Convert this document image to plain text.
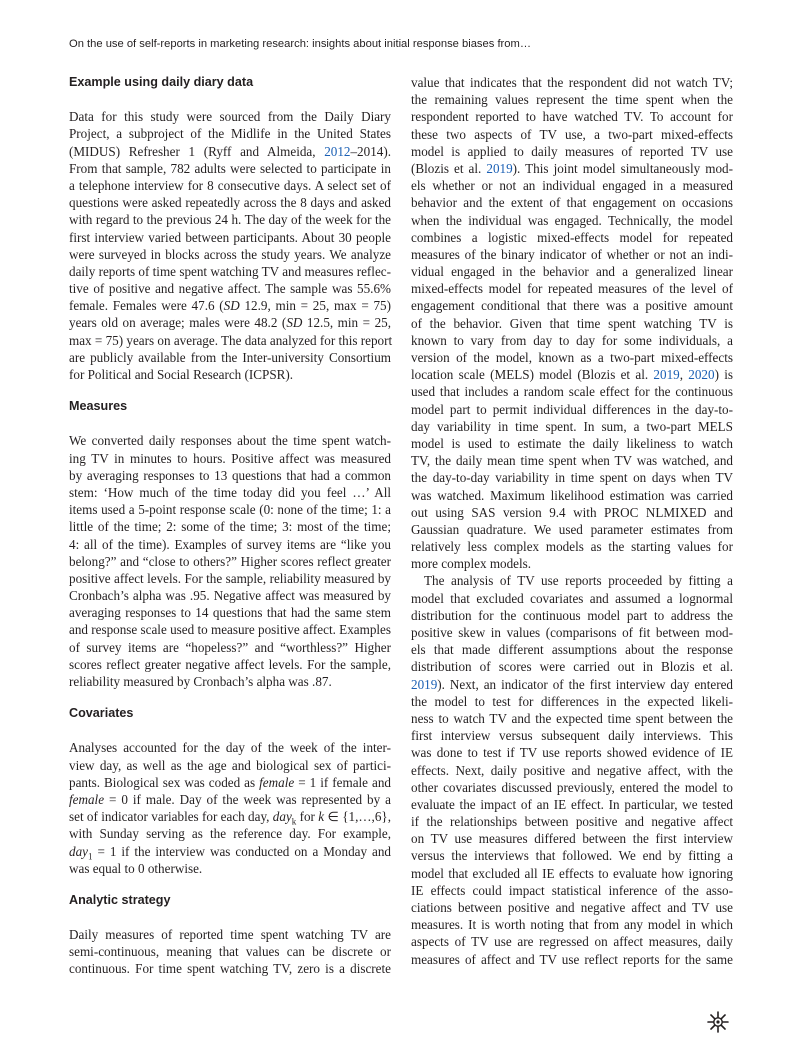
On the use of self-reports in marketing research: insights about initial response biases from…
Example using daily diary data
Data for this study were sourced from the Daily Diary
Project, a subproject of the Midlife in the United States
(MIDUS) Refresher 1 (Ryff and Almeida, 2012–2014).
From that sample, 782 adults were selected to participate in
a telephone interview for 8 consecutive days. A select set of
questions were asked repeatedly across the 8 days and asked
with regard to the previous 24 h. The day of the week for the
first interview varied between participants. About 30 people
were surveyed in blocks across the study years. We analyze
daily reports of time spent watching TV and measures reflec-
tive of positive and negative affect. The sample was 55.6%
female. Females were 47.6 (SD 12.9, min = 25, max = 75)
years old on average; males were 48.2 (SD 12.5, min = 25,
max = 75) years on average. The data analyzed for this report
are publicly available from the Inter-university Consortium
for Political and Social Research (ICPSR).
Measures
We converted daily responses about the time spent watch-
ing TV in minutes to hours. Positive affect was measured
by averaging responses to 13 questions that had a common
stem: ‘How much of the time today did you feel …’ All
items used a 5-point response scale (0: none of the time; 1: a
little of the time; 2: some of the time; 3: most of the time;
4: all of the time). Examples of survey items are “like you
belong?” and “close to others?” Higher scores reflect greater
positive affect levels. For the sample, reliability measured by
Cronbach’s alpha was .95. Negative affect was measured by
averaging responses to 14 questions that had the same stem
and response scale used to measure positive affect. Examples
of survey items are “hopeless?” and “worthless?” Higher
scores reflect greater negative affect levels. For the sample,
reliability measured by Cronbach’s alpha was .87.
Covariates
Analyses accounted for the day of the week of the inter-
view day, as well as the age and biological sex of partici-
pants. Biological sex was coded as female = 1 if female and
female = 0 if male. Day of the week was represented by a
set of indicator variables for each day, day$_k$ for k ∈ {1,…,6},
with Sunday serving as the reference day. For example,
day$_1$ = 1 if the interview was conducted on a Monday and
was equal to 0 otherwise.
Analytic strategy
Daily measures of reported time spent watching TV are
semi-continuous, meaning that values can be discrete or
continuous. For time spent watching TV, zero is a discrete
value that indicates that the respondent did not watch TV;
the remaining values represent the time spent when the
respondent reported to have watched TV. To account for
these two aspects of TV use, a two-part mixed-effects
model is applied to daily measures of reported TV use
(Blozis et al. 2019). This joint model simultaneously mod-
els whether or not an individual engaged in a measured
behavior and the extent of that engagement on occasions
when the individual was engaged. Technically, the model
combines a logistic mixed-effects model for repeated
measures of the binary indicator of whether or not an indi-
vidual engaged in the behavior and a generalized linear
mixed-effects model for repeated measures of the level of
engagement conditional that there was a positive amount
of the behavior. Given that time spent watching TV is
known to vary from day to day for some individuals, a
version of the model, known as a two-part mixed-effects
location scale (MELS) model (Blozis et al. 2019, 2020) is
used that includes a random scale effect for the continuous
model part to permit individual differences in the day-to-
day variability in time spent. In sum, a two-part MELS
model is used to estimate the daily likeliness to watch
TV, the daily mean time spent when TV was watched, and
the day-to-day variability in time spent on days when TV
was watched. Maximum likelihood estimation was carried
out using SAS version 9.4 with PROC NLMIXED and
Gaussian quadrature. We used parameter estimates from
relatively less complex models as the starting values for
more complex models.
The analysis of TV use reports proceeded by fitting a
model that excluded covariates and assumed a lognormal
distribution for the continuous model part to address the
positive skew in values (comparisons of fit between mod-
els that made different assumptions about the response
distribution of scores were carried out in Blozis et al.
2019). Next, an indicator of the first interview day entered
the model to test for differences in the expected likeli-
ness to watch TV and the expected time spent between the
first interview versus subsequent daily interviews. This
was done to test if TV use reports showed evidence of IE
effects. Next, daily positive and negative affect, with the
other covariates discussed previously, entered the model to
evaluate the impact of an IE effect. In particular, we tested
if the relationships between positive and negative affect
on TV use measures differed between the first interview
versus the interviews that followed. We end by fitting a
model that excluded all IE effects to evaluate how ignoring
IE effects could impact statistical inference of the asso-
ciations between positive and negative affect and TV use
measures. It is worth noting that from any model in which
aspects of TV use are regressed on affect measures, daily
measures of affect and TV use reflect reports for the same
